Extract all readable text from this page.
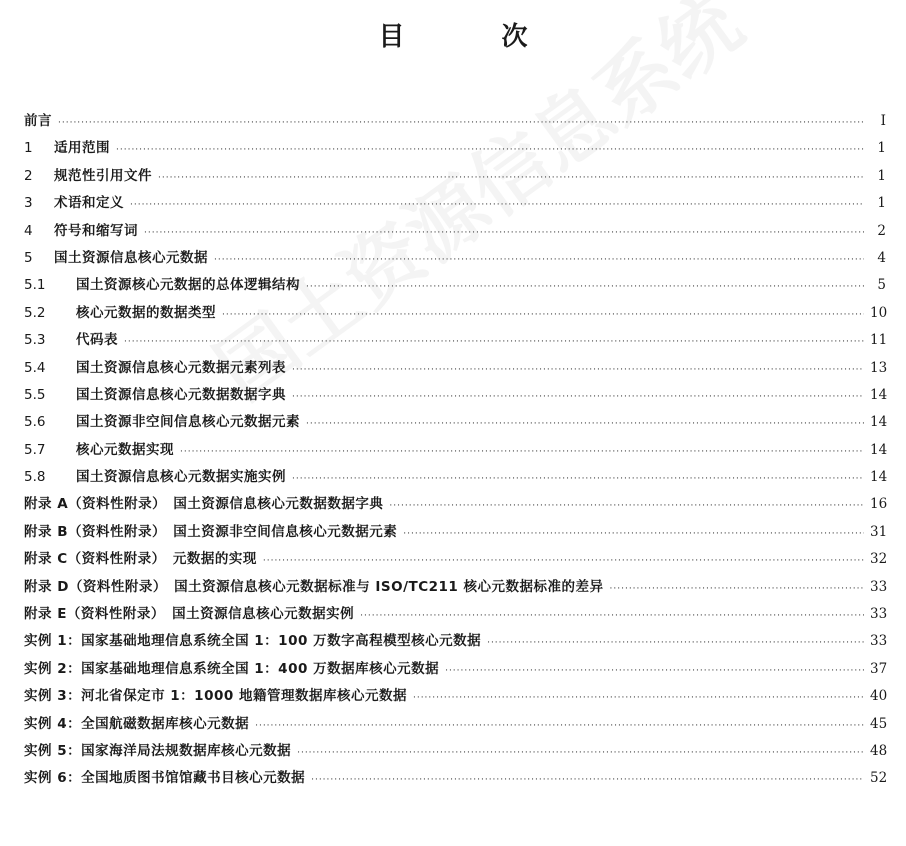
目 次
前言 ·····	I
1	适用范围 ·····	1
2	规范性引用文件 ·····	1
3	术语和定义 ·····	1
4	符号和缩写词 ·····	2
5	国土资源信息核心元数据 ·····	4
5.1	国土资源核心元数据的总体逻辑结构 ·····	5
5.2	核心元数据的数据类型 ·····	10
5.3	代码表 ·····	11
5.4	国土资源信息核心元数据元素列表 ·····	13
5.5	国土资源信息核心元数据数据字典 ·····	14
5.6	国土资源非空间信息核心元数据元素 ·····	14
5.7	核心元数据实现 ·····	14
5.8	国土资源信息核心元数据实施实例 ·····	14
附录 A（资料性附录）　国土资源信息核心元数据数据字典 ·····	16
附录 B（资料性附录）　国土资源非空间信息核心元数据元素 ·····	31
附录 C（资料性附录）　元数据的实现 ·····	32
附录 D（资料性附录）　国土资源信息核心元数据标准与 ISO/TC211 核心元数据标准的差异 ·····	33
附录 E（资料性附录）　国土资源信息核心元数据实例 ·····	33
实例 1：国家基础地理信息系统全国 1：100 万数字高程模型核心元数据 ·····	33
实例 2：国家基础地理信息系统全国 1：400 万数据库核心元数据 ·····	37
实例 3：河北省保定市 1：1000 地籍管理数据库核心元数据 ·····	40
实例 4：全国航磁数据库核心元数据 ·····	45
实例 5：国家海洋局法规数据库核心元数据 ·····	48
实例 6：全国地质图书馆馆藏书目核心元数据 ·····	52
